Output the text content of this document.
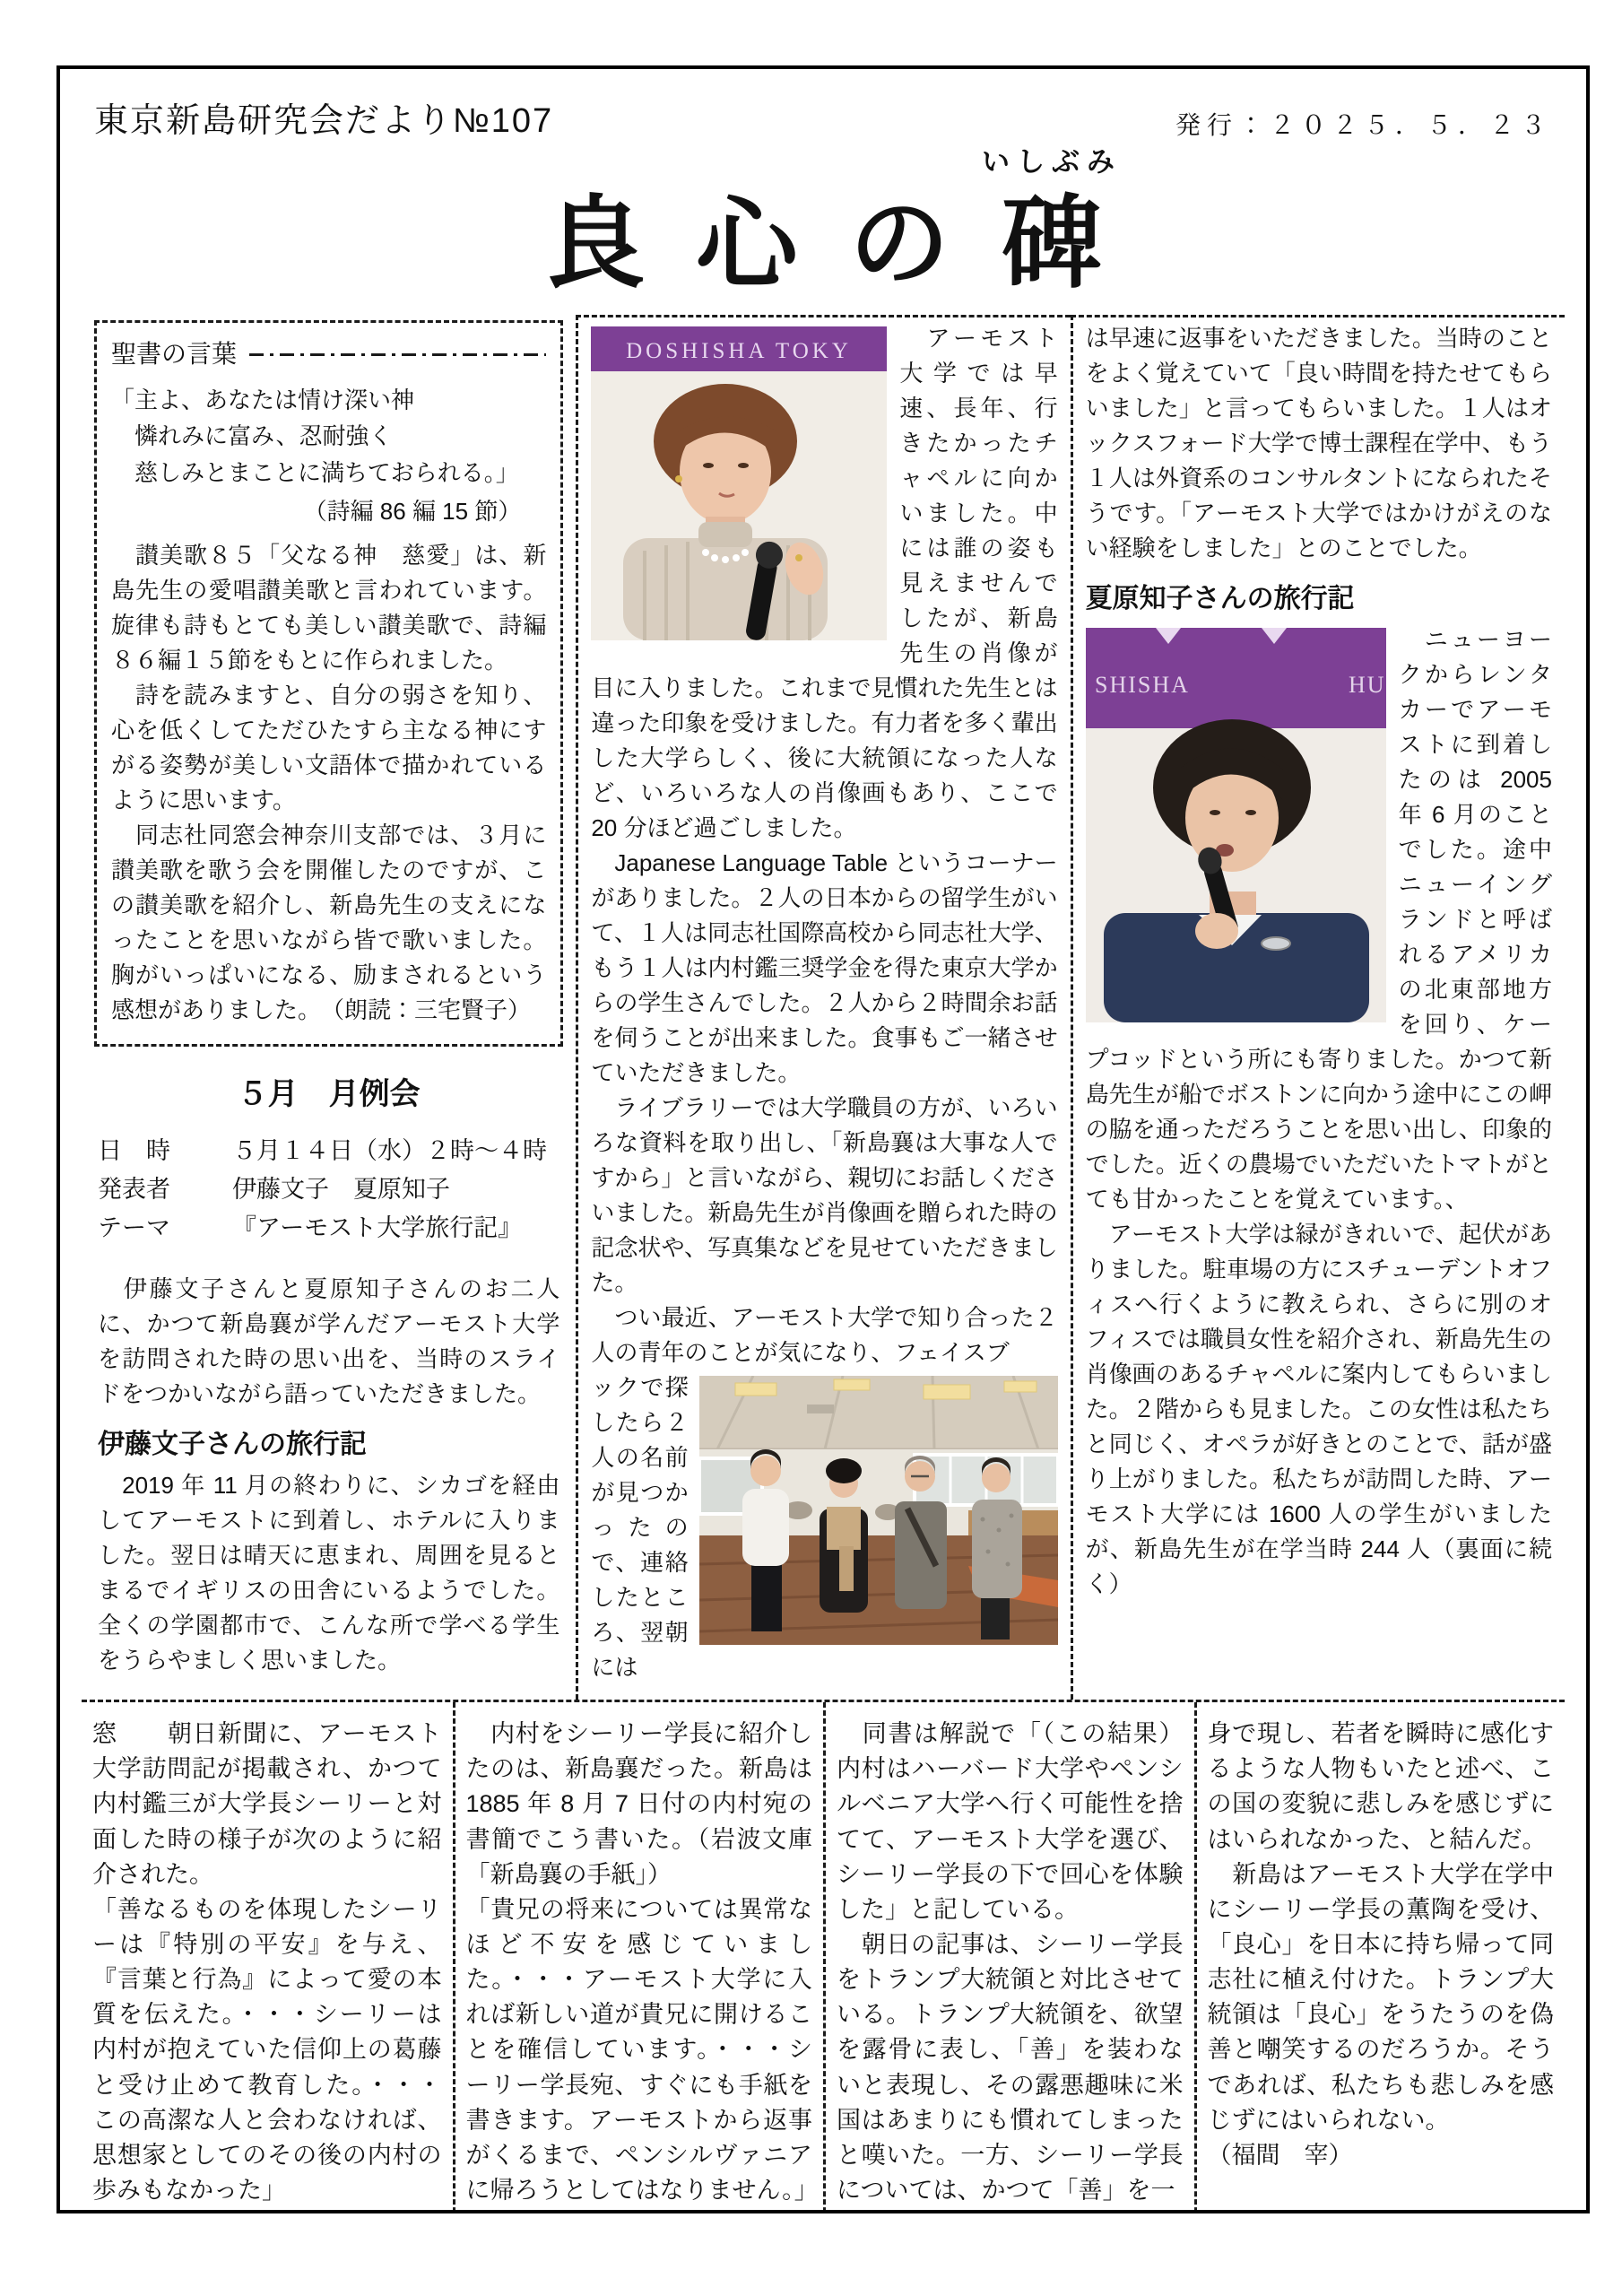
東京新島研究会だより№107	発行：２０２５．５．２３
良心の
いしぶみ
碑
聖書の言葉
「主よ、あなたは情け深い神
憐れみに富み、忍耐強く
慈しみとまことに満ちておられる。」
（詩編 86 編 15 節）

　讃美歌８５「父なる神　慈愛」は、新島先生の愛唱讃美歌と言われています。旋律も詩もとても美しい讃美歌で、詩編８６編１５節をもとに作られました。

　詩を読みますと、自分の弱さを知り、心を低くしてただひたすら主なる神にすがる姿勢が美しい文語体で描かれているように思います。

　同志社同窓会神奈川支部では、３月に讃美歌を歌う会を開催したのですが、この讃美歌を紹介し、新島先生の支えになったことを思いながら皆で歌いました。胸がいっぱいになる、励まされるという感想がありました。　（朗読：三宅賢子）

５月　月例会
日　時	５月１４日（水）２時～４時
発表者	伊藤文子　夏原知子
テーマ	『アーモスト大学旅行記』

　伊藤文子さんと夏原知子さんのお二人に、かつて新島襄が学んだアーモスト大学を訪問された時の思い出を、当時のスライドをつかいながら語っていただきました。

伊藤文子さんの旅行記

　2019 年 11 月の終わりに、シカゴを経由してアーモストに到着し、ホテルに入りました。翌日は晴天に恵まれ、周囲を見るとまるでイギリスの田舎にいるようでした。全くの学園都市で、こんな所で学べる学生をうらやましく思いました。

DOSHISHA TOKY	　アーモスト大学では早速、長年、行きたかったチャペルに向かいました。中には誰の姿も見えませんでしたが、新島先生の肖像が目に入りました。これまで見慣れた先生とは違った印象を受けました。有力者を多く輩出した大学らしく、後に大統領になった人など、いろいろな人の肖像画もあり、ここで 20 分ほど過ごしました。

　Japanese Language Table というコーナーがありました。２人の日本からの留学生がいて、１人は同志社国際高校から同志社大学、もう１人は内村鑑三奨学金を得た東京大学からの学生さんでした。２人から２時間余お話を伺うことが出来ました。食事もご一緒させていただきました。

　ライブラリーでは大学職員の方が、いろいろな資料を取り出し、「新島襄は大事な人ですから」と言いながら、親切にお話しくださいました。新島先生が肖像画を贈られた時の記念状や、写真集などを見せていただきました。

　つい最近、アーモスト大学で知り合った２人の青年のことが気になり、フェイスブ

ックで探したら２人の名前が見つかったので、連絡したところ、翌朝には

は早速に返事をいただきました。当時のことをよく覚えていて「良い時間を持たせてもらいました」と言ってもらいました。１人はオックスフォード大学で博士課程在学中、もう１人は外資系のコンサルタントになられたそうです。「アーモスト大学ではかけがえのない経験をしました」とのことでした。

夏原知子さんの旅行記
SHISHA	HU

　ニューヨークからレンタカーでアーモストに到着したのは 2005 年 6 月のことでした。途中ニューイングランドと呼ばれるアメリカの北東部地方を回り、ケープコッドという所にも寄りました。かつて新島先生が船でボストンに向かう途中にこの岬の脇を通っただろうことを思い出し、印象的でした。近くの農場でいただいたトマトがとても甘かったことを覚えています。、

　アーモスト大学は緑がきれいで、起伏がありました。駐車場の方にスチューデントオフィスへ行くように教えられ、さらに別のオフィスでは職員女性を紹介され、新島先生の肖像画のあるチャペルに案内してもらいました。２階からも見ました。この女性は私たちと同じく、オペラが好きとのことで、話が盛り上がりました。私たちが訪問した時、アーモスト大学には 1600 人の学生がいましたが、新島先生が在学当時 244 人（裏面に続く）

窓　　朝日新聞に、アーモスト大学訪問記が掲載され、かつて内村鑑三が大学長シーリーと対面した時の様子が次のように紹介された。

「善なるものを体現したシーリーは『特別の平安』を与え、『言葉と行為』によって愛の本質を伝えた。・・・シーリーは内村が抱えていた信仰上の葛藤と受け止めて教育した。・・・この高潔な人と会わなければ、思想家としてのその後の内村の歩みもなかった」

　内村をシーリー学長に紹介したのは、新島襄だった。新島は 1885 年 8 月 7 日付の内村宛の書簡でこう書いた。（岩波文庫「新島襄の手紙」）

「貴兄の将来については異常なほど不安を感じていました。・・・アーモスト大学に入れば新しい道が貴兄に開けることを確信しています。・・・シーリー学長宛、すぐにも手紙を書きます。アーモストから返事がくるまで、ペンシルヴァニアに帰ろうとしてはなりません。」

　同書は解説で「（この結果）内村はハーバード大学やペンシルベニア大学へ行く可能性を捨てて、アーモスト大学を選び、シーリー学長の下で回心を体験した」と記している。

　朝日の記事は、シーリー学長をトランプ大統領と対比させている。トランプ大統領を、欲望を露骨に表し、「善」を装わないと表現し、その露悪趣味に米国はあまりにも慣れてしまったと嘆いた。一方、シーリー学長については、かつて「善」を一

身で現し、若者を瞬時に感化するような人物もいたと述べ、この国の変貌に悲しみを感じずにはいられなかった、と結んだ。

　新島はアーモスト大学在学中にシーリー学長の薫陶を受け、「良心」を日本に持ち帰って同志社に植え付けた。トランプ大統領は「良心」をうたうのを偽善と嘲笑するのだろうか。そうであれば、私たちも悲しみを感じずにはいられない。

（福間　宰）
